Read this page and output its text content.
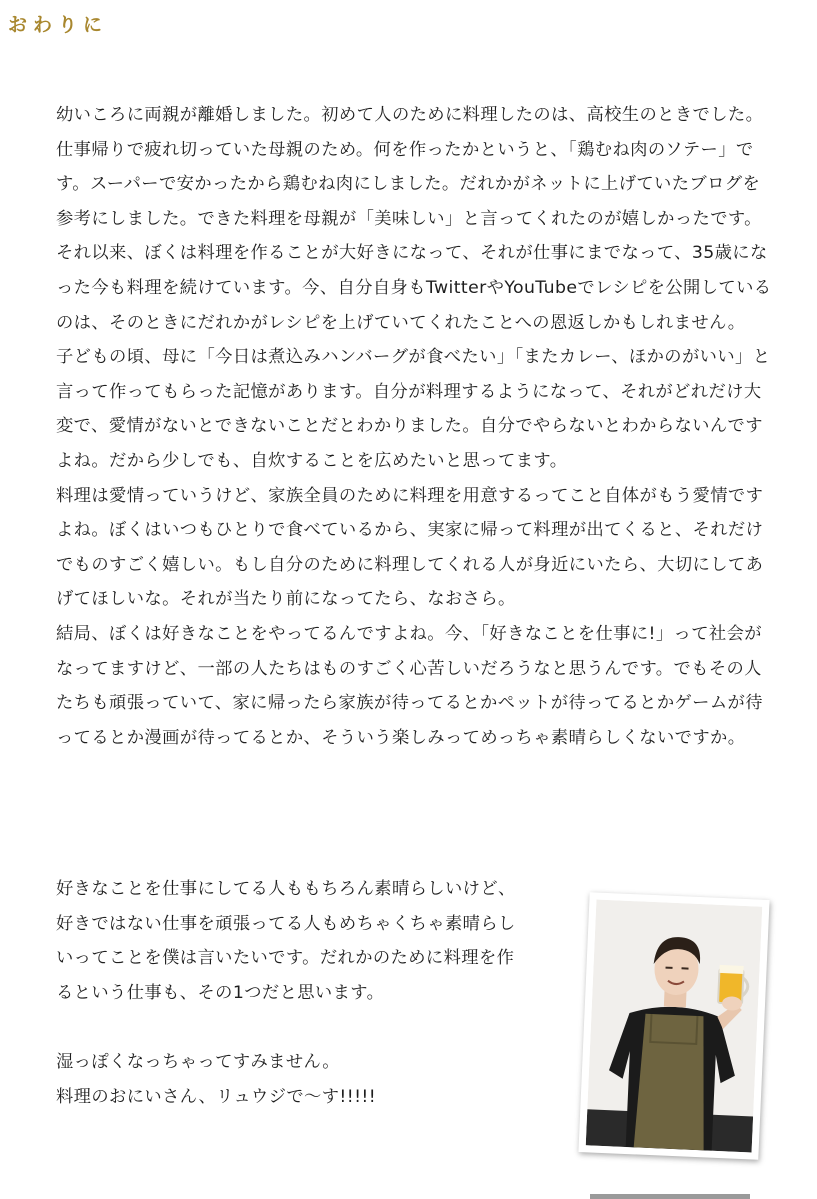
おわりに

幼いころに両親が離婚しました。初めて人のために料理したのは、高校生のときでした。仕事帰りで疲れ切っていた母親のため。何を作ったかというと、「鶏むね肉のソテー」です。スーパーで安かったから鶏むね肉にしました。だれかがネットに上げていたブログを参考にしました。できた料理を母親が「美味しい」と言ってくれたのが嬉しかったです。

それ以来、ぼくは料理を作ることが大好きになって、それが仕事にまでなって、35歳になった今も料理を続けています。今、自分自身もTwitterやYouTubeでレシピを公開しているのは、そのときにだれかがレシピを上げていてくれたことへの恩返しかもしれません。

子どもの頃、母に「今日は煮込みハンバーグが食べたい」「またカレー、ほかのがいい」と言って作ってもらった記憶があります。自分が料理するようになって、それがどれだけ大変で、愛情がないとできないことだとわかりました。自分でやらないとわからないんですよね。だから少しでも、自炊することを広めたいと思ってます。

料理は愛情っていうけど、家族全員のために料理を用意するってこと自体がもう愛情ですよね。ぼくはいつもひとりで食べているから、実家に帰って料理が出てくると、それだけでものすごく嬉しい。もし自分のために料理してくれる人が身近にいたら、大切にしてあげてほしいな。それが当たり前になってたら、なおさら。

結局、ぼくは好きなことをやってるんですよね。今、「好きなことを仕事に!」って社会がなってますけど、一部の人たちはものすごく心苦しいだろうなと思うんです。でもその人たちも頑張っていて、家に帰ったら家族が待ってるとかペットが待ってるとかゲームが待ってるとか漫画が待ってるとか、そういう楽しみってめっちゃ素晴らしくないですか。

好きなことを仕事にしてる人ももちろん素晴らしいけど、

好きではない仕事を頑張ってる人もめちゃくちゃ素晴らし

いってことを僕は言いたいです。だれかのために料理を作

るという仕事も、その1つだと思います。

湿っぽくなっちゃってすみません。

料理のおにいさん、リュウジで〜す!!!!!
